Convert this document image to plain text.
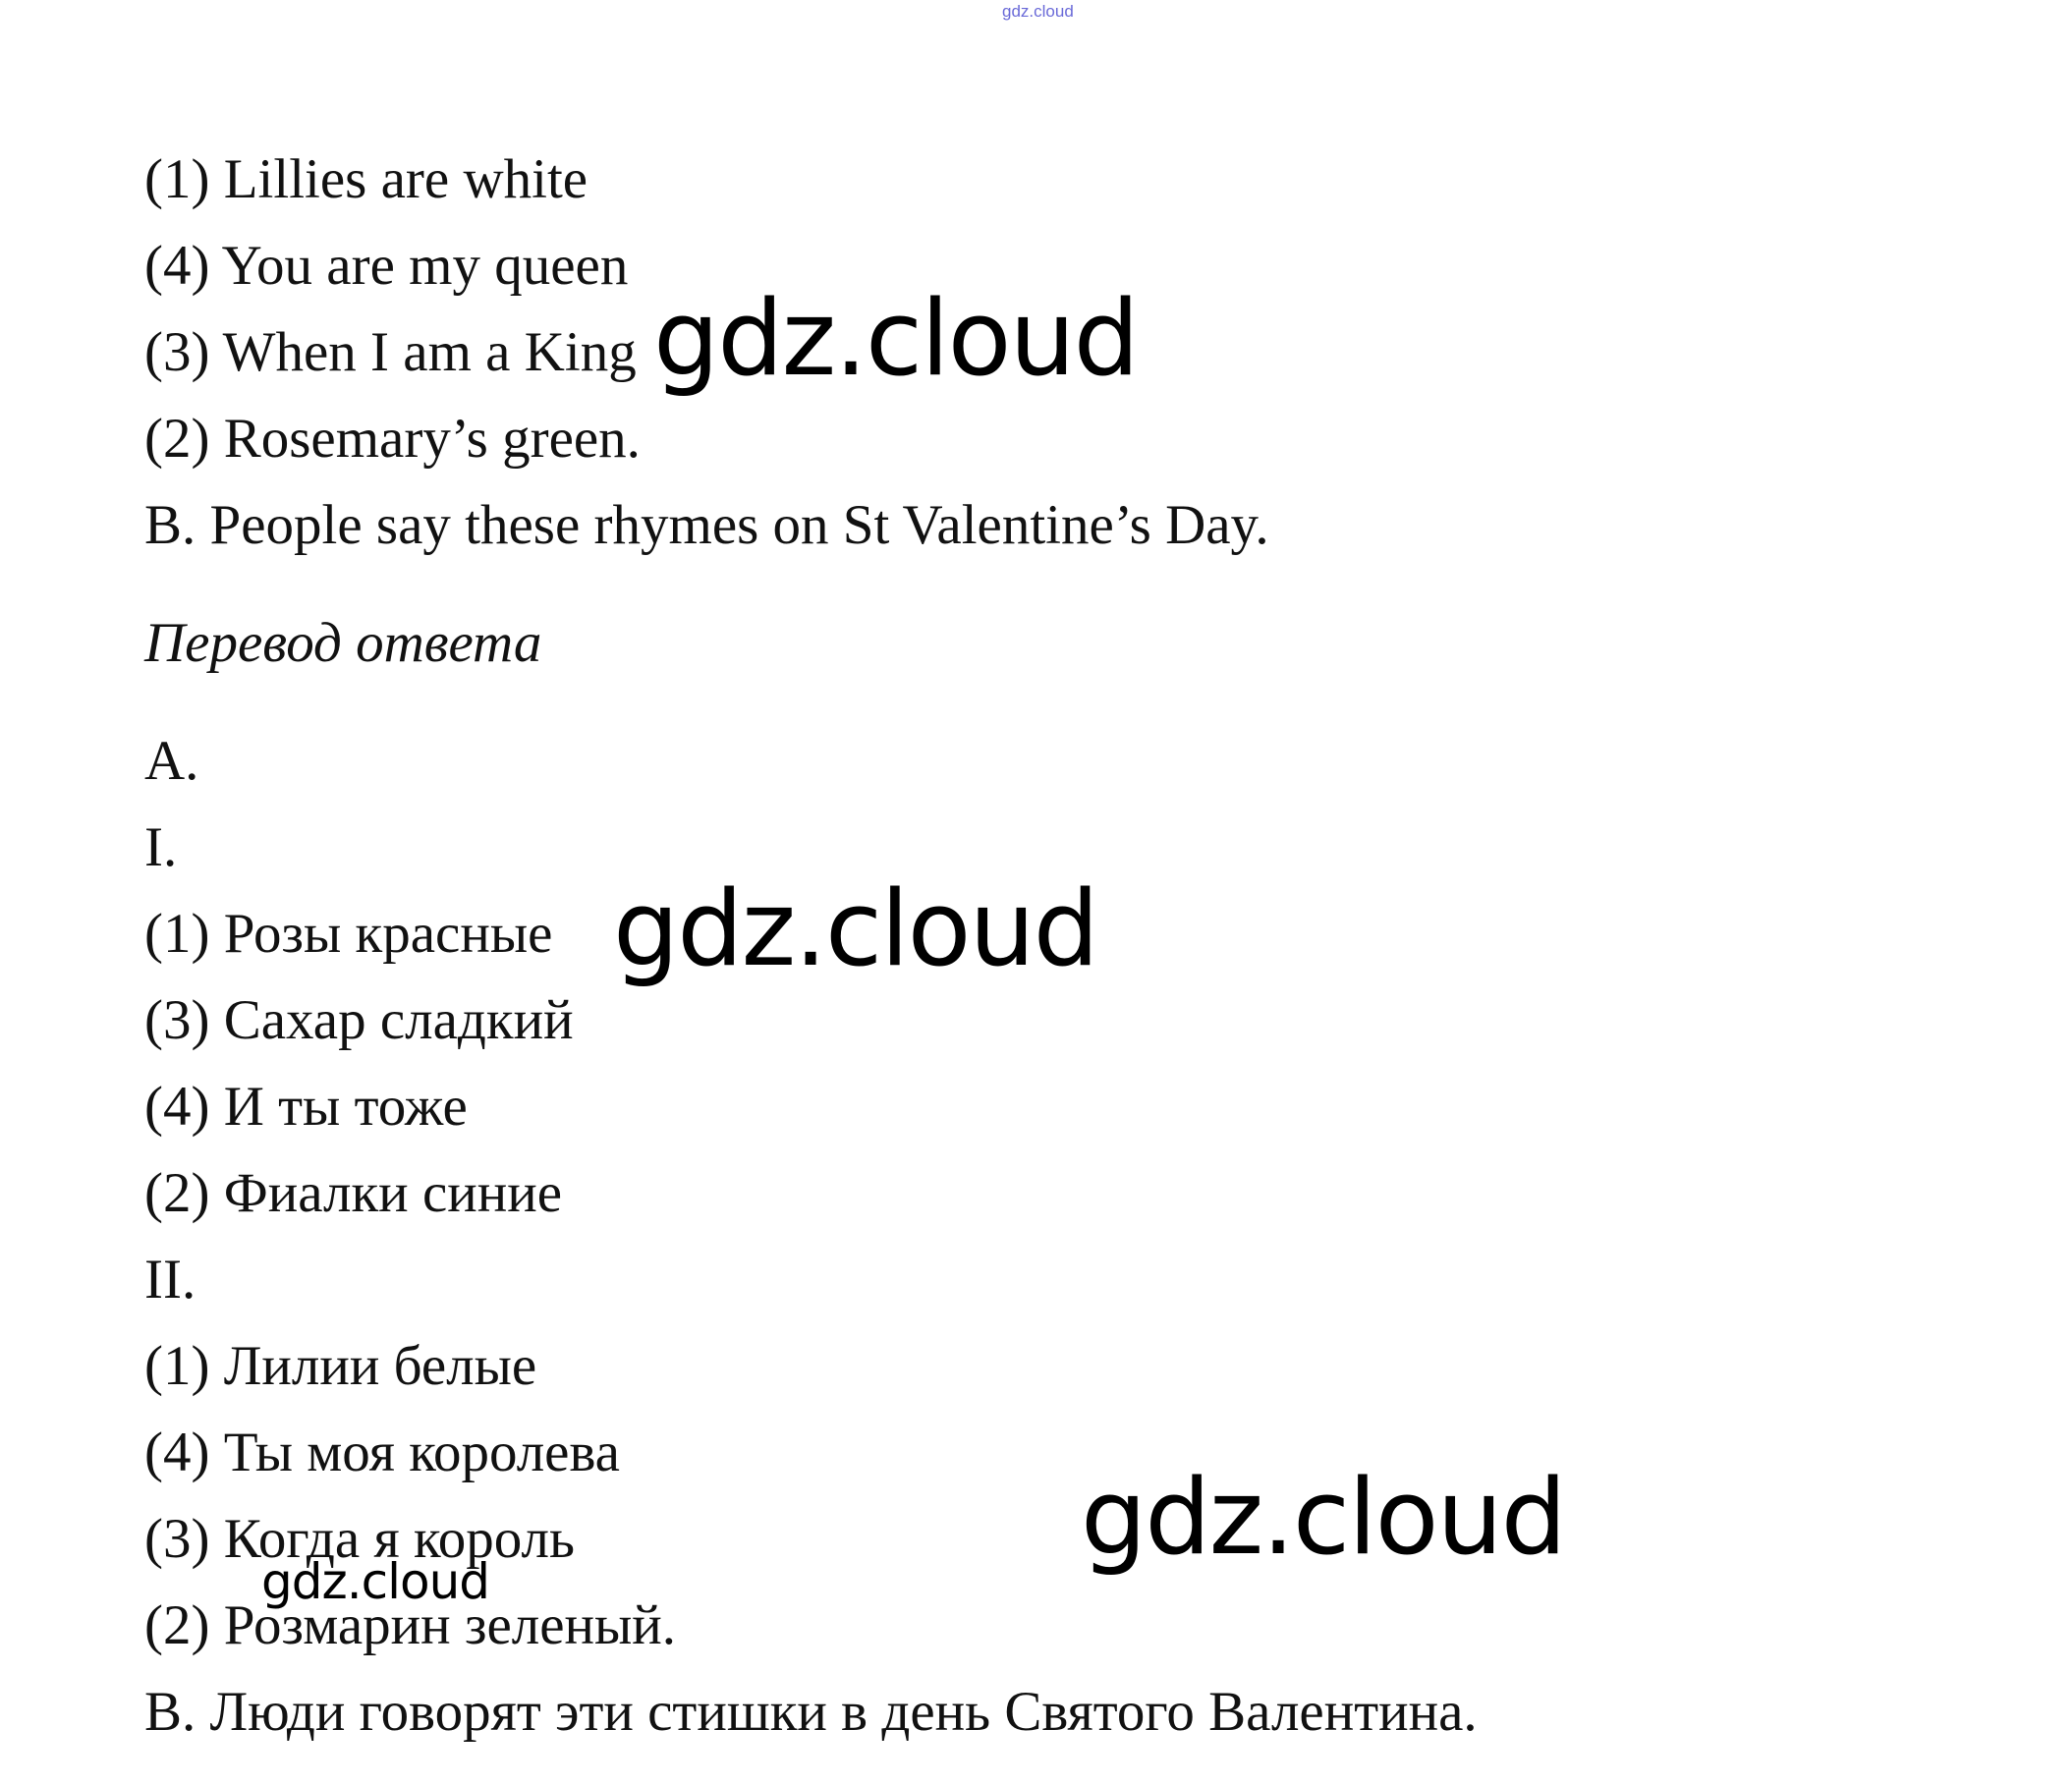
gdz.cloud

(1) Lillies are white

(4) You are my queen

(3) When I am a King

(2) Rosemary’s green.

B. People say these rhymes on St Valentine’s Day.

Перевод ответа

A.

I.

(1) Розы красные

(3) Сахар сладкий

(4) И ты тоже

(2) Фиалки синие

II.

(1) Лилии белые

(4) Ты моя королева

(3) Когда я король

(2) Розмарин зеленый.

B. Люди говорят эти стишки в день Святого Валентина.

gdz.cloud
gdz.cloud
gdz.cloud
gdz.cloud
